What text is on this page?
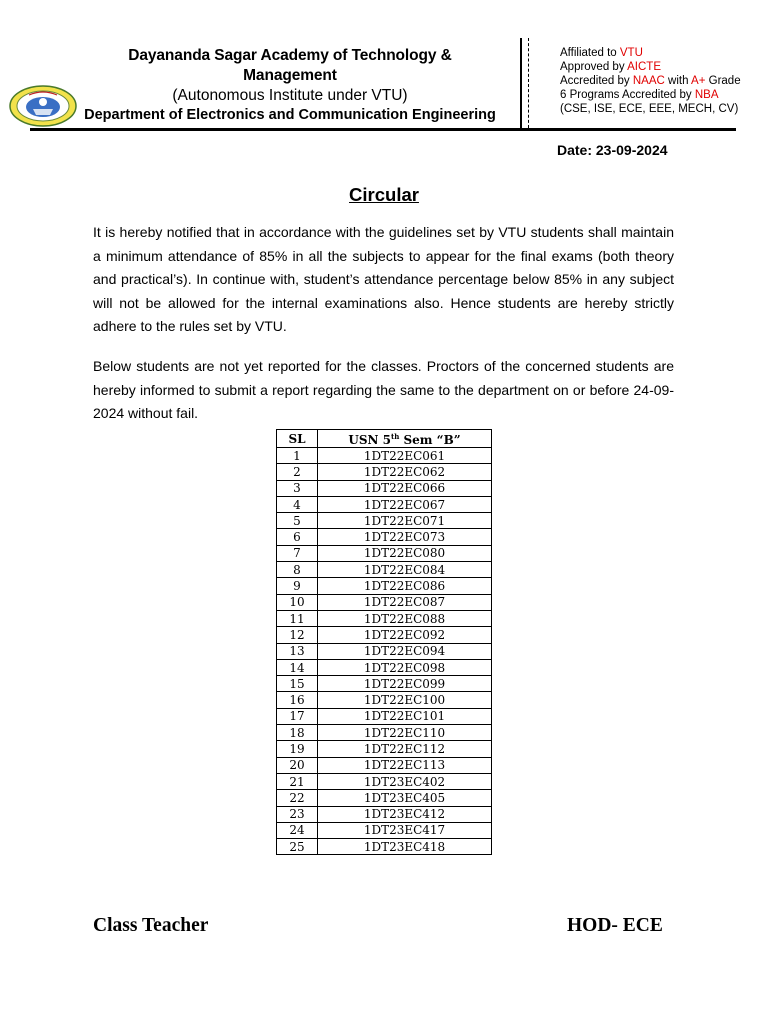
Dayananda Sagar Academy of Technology & Management
(Autonomous Institute under VTU)
Department of Electronics and Communication Engineering
Affiliated to VTU
Approved by AICTE
Accredited by NAAC with A+ Grade
6 Programs Accredited by NBA
(CSE, ISE, ECE, EEE, MECH, CV)
Date: 23-09-2024
Circular
It is hereby notified that in accordance with the guidelines set by VTU students shall maintain a minimum attendance of 85% in all the subjects to appear for the final exams (both theory and practical’s). In continue with, student’s attendance percentage below 85% in any subject will not be allowed for the internal examinations also. Hence students are hereby strictly adhere to the rules set by VTU.
Below students are not yet reported for the classes. Proctors of the concerned students are hereby informed to submit a report regarding the same to the department on or before 24-09-2024 without fail.
SL	USN 5th Sem “B”
1	1DT22EC061
2	1DT22EC062
3	1DT22EC066
4	1DT22EC067
5	1DT22EC071
6	1DT22EC073
7	1DT22EC080
8	1DT22EC084
9	1DT22EC086
10	1DT22EC087
11	1DT22EC088
12	1DT22EC092
13	1DT22EC094
14	1DT22EC098
15	1DT22EC099
16	1DT22EC100
17	1DT22EC101
18	1DT22EC110
19	1DT22EC112
20	1DT22EC113
21	1DT23EC402
22	1DT23EC405
23	1DT23EC412
24	1DT23EC417
25	1DT23EC418
Class Teacher	HOD- ECE
